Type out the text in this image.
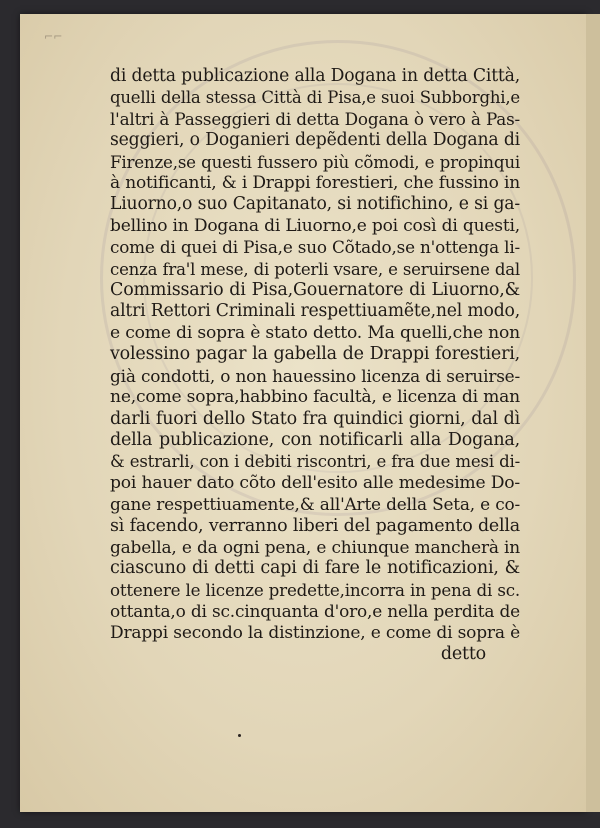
⌐⌐
di detta publicazione alla Dogana in detta Città,
quelli della stessa Città di Pisa,e suoi Subborghi,e
l'altri à Passeggieri di detta Dogana ò vero à Pas-
seggieri, o Doganieri depẽdenti della Dogana di
Firenze,se questi fussero più cõmodi, e propinqui
à notificanti, & i Drappi forestieri, che fussino in
Liuorno,o suo Capitanato, si notifichino, e si ga-
bellino in Dogana di Liuorno,e poi così di questi,
come di quei di Pisa,e suo Cõtado,se n'ottenga li-
cenza fra'l mese, di poterli vsare, e seruirsene dal
Commissario di Pisa,Gouernatore di Liuorno,&
altri Rettori Criminali respettiuamẽte,nel modo,
e come di sopra è stato detto. Ma quelli,che non
volessino pagar la gabella de Drappi forestieri,
già condotti, o non hauessino licenza di seruirse-
ne,come sopra,habbino facultà, e licenza di man
darli fuori dello Stato fra quindici giorni, dal dì
della publicazione, con notificarli alla Dogana,
& estrarli, con i debiti riscontri, e fra due mesi di-
poi hauer dato cõto dell'esito alle medesime Do-
gane respettiuamente,& all'Arte della Seta, e co-
sì facendo, verranno liberi del pagamento della
gabella, e da ogni pena, e chiunque mancherà in
ciascuno di detti capi di fare le notificazioni, &
ottenere le licenze predette,incorra in pena di sc.
ottanta,o di sc.cinquanta d'oro,e nella perdita de
Drappi secondo la distinzione, e come di sopra è
detto
